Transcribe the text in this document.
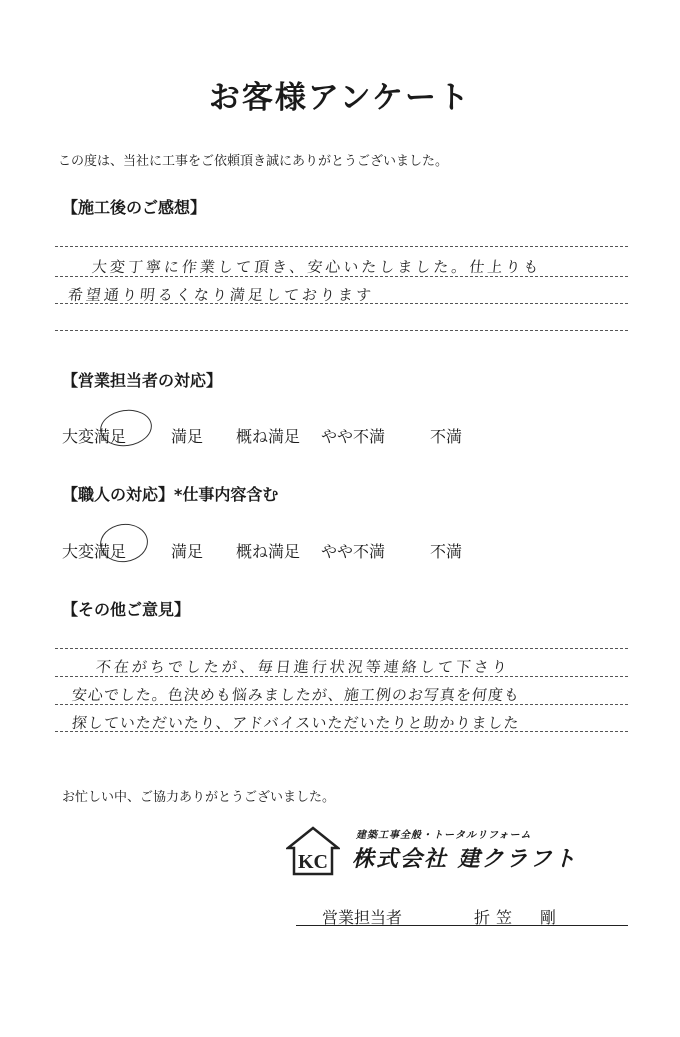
お客様アンケート
この度は、当社に工事をご依頼頂き誠にありがとうございました。
【施工後のご感想】
大変丁寧に作業して頂き、安心いたしました。仕上りも
希望通り明るくなり満足しております
【営業担当者の対応】
大変満足	満足 概ね満足 やや不満	不満
【職人の対応】*仕事内容含む
大変満足	満足 概ね満足 やや不満	不満
【その他ご意見】
不在がちでしたが、毎日進行状況等連絡して下さり
安心でした。色決めも悩みましたが、施工例のお写真を何度も
探していただいたり、アドバイスいただいたりと助かりました
お忙しい中、ご協力ありがとうございました。
KC
建築工事全般・トータルリフォーム
株式会社 建クラフト
営業担当者	折笠　剛
